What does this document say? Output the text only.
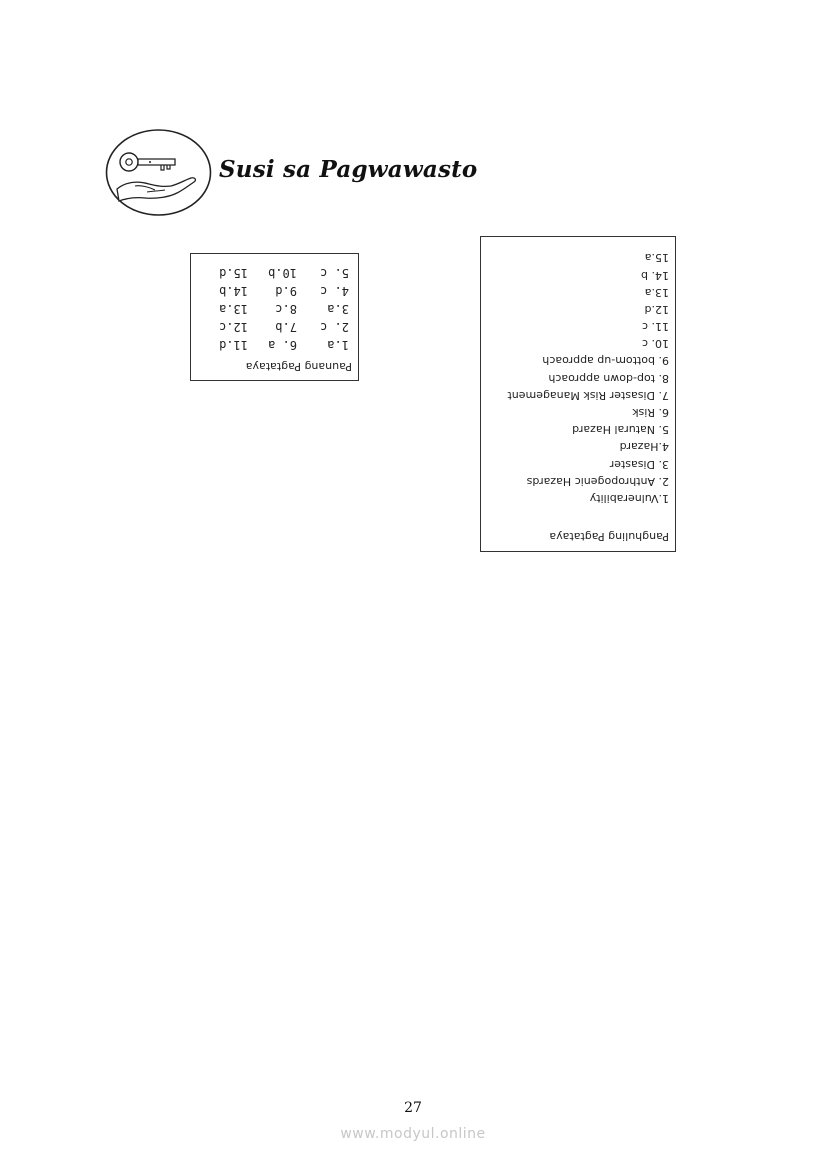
Susi sa Pagwawasto
Paunang Pagtataya
1.a
6. a
11.d
2. c
7.b
12.c
3.a
8.c
13.a
4. c
9.d
14.b
5. c
10.b
15.d
Panghuling Pagtataya
1.Vulnerability
2. Anthropogenic Hazards
3. Disaster
4.Hazard
5. Natural Hazard
6. Risk
7. Disaster Risk Management
8. top-down approach
9. bottom-up approach
10. c
11. c
12.d
13.a
14. b
15.a
27
www.modyul.online
